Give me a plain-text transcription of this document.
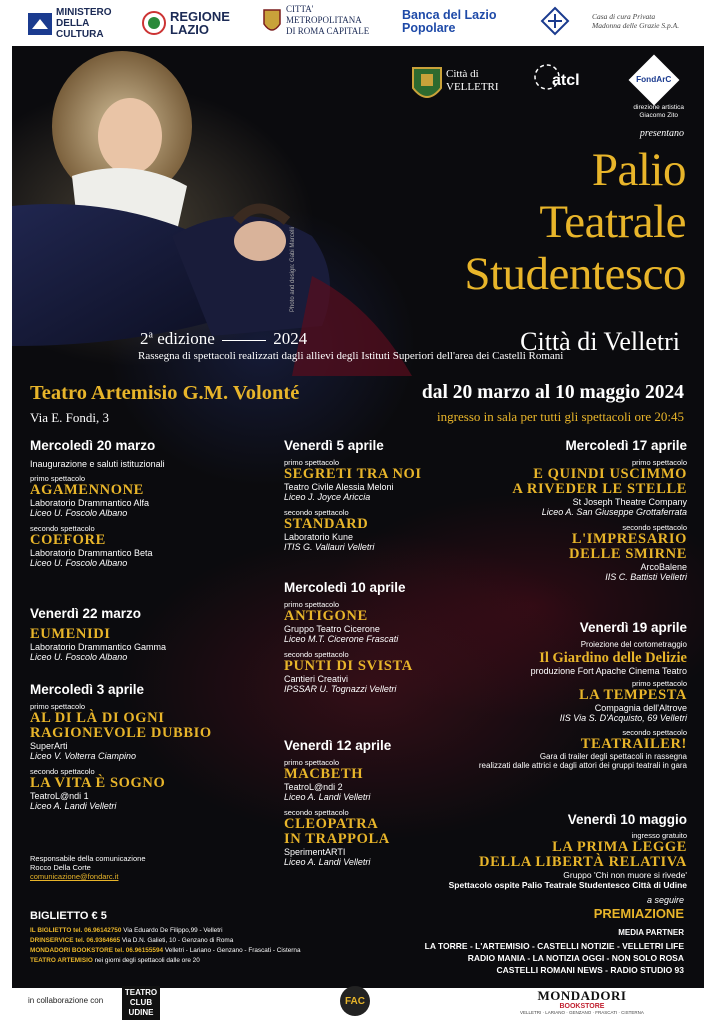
MINISTERO
DELLA
CULTURA
REGIONE
LAZIO
CITTA'
METROPOLITANA
DI ROMA CAPITALE
Banca del Lazio
Popolare
Casa di cura Privata
Madonna delle Grazie S.p.A.
Photo and design: Gabi Marcelli
Città di
VELLETRI	atcl	FondArC
direzione artistica
Giacomo Zito
presentano
Palio
Teatrale
Studentesco
Città di Velletri
2$^a$ edizione	2024
Rassegna di spettacoli realizzati dagli allievi degli Istituti Superiori dell'area dei Castelli Romani
Teatro Artemisio G.M. Volonté
Via E. Fondi, 3
dal 20 marzo al 10 maggio 2024
ingresso in sala per tutti gli spettacoli ore 20:45

Mercoledì 20 marzo

Inaugurazione e saluti istituzionali

primo spettacolo

AGAMENNONE

Laboratorio Drammantico Alfa

Liceo U. Foscolo Albano

secondo spettacolo

COEFORE

Laboratorio Drammantico Beta

Liceo U. Foscolo Albano

Venerdì 22 marzo

EUMENIDI

Laboratorio Drammantico Gamma

Liceo U. Foscolo Albano

Mercoledì 3 aprile

primo spettacolo

AL DI LÀ DI OGNI

RAGIONEVOLE DUBBIO

SuperArti

Liceo V. Volterra Ciampino

secondo spettacolo

LA VITA È SOGNO

TeatroL@ndi 1

Liceo A. Landi Velletri

Venerdì 5 aprile

primo spettacolo

SEGRETI TRA NOI

Teatro Civile Alessia Meloni

Liceo J. Joyce Ariccia

secondo spettacolo

STANDARD

Laboratorio Kune

ITIS G. Vallauri Velletri

Mercoledì 10 aprile

primo spettacolo

ANTIGONE

Gruppo Teatro Cicerone

Liceo M.T. Cicerone Frascati

secondo spettacolo

PUNTI DI SVISTA

Cantieri Creativi

IPSSAR U. Tognazzi Velletri

Venerdì 12 aprile

primo spettacolo

MACBETH

TeatroL@ndi 2

Liceo A. Landi Velletri

secondo spettacolo

CLEOPATRA

IN TRAPPOLA

SperimentARTI

Liceo A. Landi Velletri

Mercoledì 17 aprile

primo spettacolo

E QUINDI USCIMMO

A RIVEDER LE STELLE

St Joseph Theatre Company

Liceo A. San Giuseppe Grottaferrata

secondo spettacolo

L'IMPRESARIO

DELLE SMIRNE

ArcoBalene

IIS C. Battisti Velletri

Venerdì 19 aprile

Proiezione del cortometraggio

Il Giardino delle Delizie

produzione Fort Apache Cinema Teatro

primo spettacolo

LA TEMPESTA

Compagnia dell'Altrove

IIS Via S. D'Acquisto, 69 Velletri

secondo spettacolo

TEATRAILER!

Gara di trailer degli spettacoli in rassegna

realizzati dalle attrici e dagli attori dei gruppi teatrali in gara

Venerdì 10 maggio

ingresso gratuito

LA PRIMA LEGGE

DELLA LIBERTÀ RELATIVA

Gruppo 'Chi non muore si rivede'

Spettacolo ospite Palio Teatrale Studentesco Città di Udine

Responsabile della comunicazione
Rocco Della Corte
comunicazione@fondarc.it
BIGLIETTO € 5
IL BIGLIETTO tel. 06.96142750 Via Eduardo De Filippo,99 - Velletri
DRINSERVICE tel. 06.9364665 Via D.N. Galieti, 10 - Genzano di Roma
MONDADORI BOOKSTORE tel. 06.96155594 Velletri - Lariano - Genzano - Frascati - Cisterna
TEATRO ARTEMISIO nei giorni degli spettacoli dalle ore 20
a seguire
PREMIAZIONE
MEDIA PARTNER
LA TORRE - L'ARTEMISIO - CASTELLI NOTIZIE - VELLETRI LIFE
RADIO MANIA - LA NOTIZIA OGGI - NON SOLO ROSA
CASTELLI ROMANI NEWS - RADIO STUDIO 93
in collaborazione con
TEATRO
CLUB
UDINE
FAC	MONDADORI
BOOKSTORE
VELLETRI · LARIANO · GENZANO · FRASCATI · CISTERNA
